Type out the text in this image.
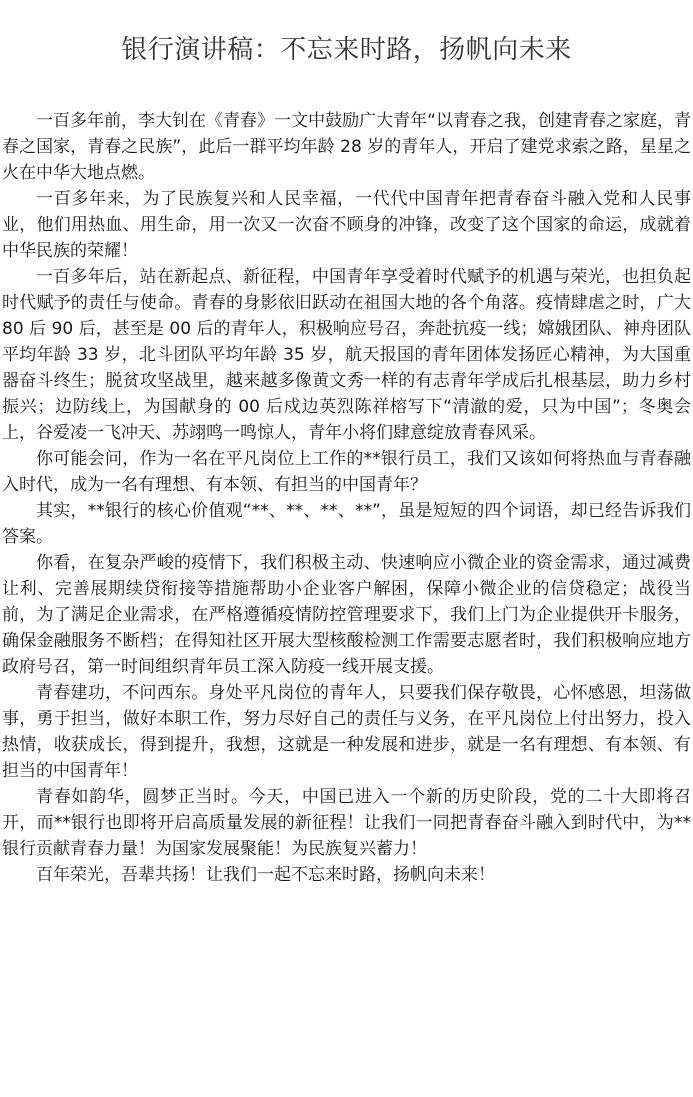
银行演讲稿：不忘来时路，扬帆向未来

一百多年前，李大钊在《青春》一文中鼓励广大青年“以青春之我，创建青春之家庭，青春之国家，青春之民族”，此后一群平均年龄 28 岁的青年人，开启了建党求索之路，星星之火在中华大地点燃。

一百多年来，为了民族复兴和人民幸福，一代代中国青年把青春奋斗融入党和人民事业，他们用热血、用生命，用一次又一次奋不顾身的冲锋，改变了这个国家的命运，成就着中华民族的荣耀！

一百多年后，站在新起点、新征程，中国青年享受着时代赋予的机遇与荣光，也担负起时代赋予的责任与使命。青春的身影依旧跃动在祖国大地的各个角落。疫情肆虐之时，广大 80 后 90 后，甚至是 00 后的青年人，积极响应号召，奔赴抗疫一线；嫦娥团队、神舟团队平均年龄 33 岁，北斗团队平均年龄 35 岁，航天报国的青年团体发扬匠心精神，为大国重器奋斗终生；脱贫攻坚战里，越来越多像黄文秀一样的有志青年学成后扎根基层，助力乡村振兴；边防线上，为国献身的 00 后戍边英烈陈祥榕写下“清澈的爱，只为中国”；冬奥会上，谷爱凌一飞冲天、苏翊鸣一鸣惊人，青年小将们肆意绽放青春风采。

你可能会问，作为一名在平凡岗位上工作的**银行员工，我们又该如何将热血与青春融入时代，成为一名有理想、有本领、有担当的中国青年？

其实，**银行的核心价值观“**、**、**、**”，虽是短短的四个词语，却已经告诉我们答案。

你看，在复杂严峻的疫情下，我们积极主动、快速响应小微企业的资金需求，通过减费让利、完善展期续贷衔接等措施帮助小企业客户解困，保障小微企业的信贷稳定；战役当前，为了满足企业需求，在严格遵循疫情防控管理要求下，我们上门为企业提供开卡服务，确保金融服务不断档；在得知社区开展大型核酸检测工作需要志愿者时，我们积极响应地方政府号召，第一时间组织青年员工深入防疫一线开展支援。

青春建功，不问西东。身处平凡岗位的青年人，只要我们保存敬畏，心怀感恩，坦荡做事，勇于担当，做好本职工作，努力尽好自己的责任与义务，在平凡岗位上付出努力，投入热情，收获成长，得到提升，我想，这就是一种发展和进步，就是一名有理想、有本领、有担当的中国青年！

青春如韵华，圆梦正当时。今天，中国已进入一个新的历史阶段，党的二十大即将召开，而**银行也即将开启高质量发展的新征程！让我们一同把青春奋斗融入到时代中，为**银行贡献青春力量！为国家发展聚能！为民族复兴蓄力！

百年荣光，吾辈共扬！让我们一起不忘来时路，扬帆向未来！
